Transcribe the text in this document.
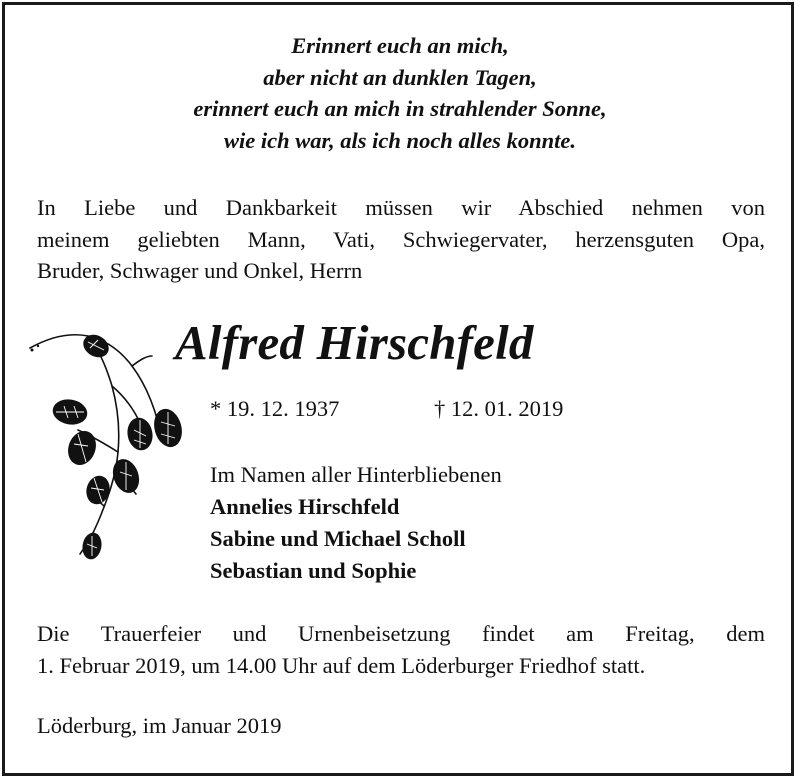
Erinnert euch an mich,
aber nicht an dunklen Tagen,
erinnert euch an mich in strahlender Sonne,
wie ich war, als ich noch alles konnte.
In Liebe und Dankbarkeit müssen wir Abschied nehmen von
meinem geliebten Mann, Vati, Schwiegervater, herzensguten Opa,
Bruder, Schwager und Onkel, Herrn
Alfred Hirschfeld
* 19. 12. 1937	† 12. 01. 2019
Im Namen aller Hinterbliebenen
Annelies Hirschfeld
Sabine und Michael Scholl
Sebastian und Sophie
Die Trauerfeier und Urnenbeisetzung findet am Freitag, dem
1. Februar 2019, um 14.00 Uhr auf dem Löderburger Friedhof statt.
Löderburg, im Januar 2019
